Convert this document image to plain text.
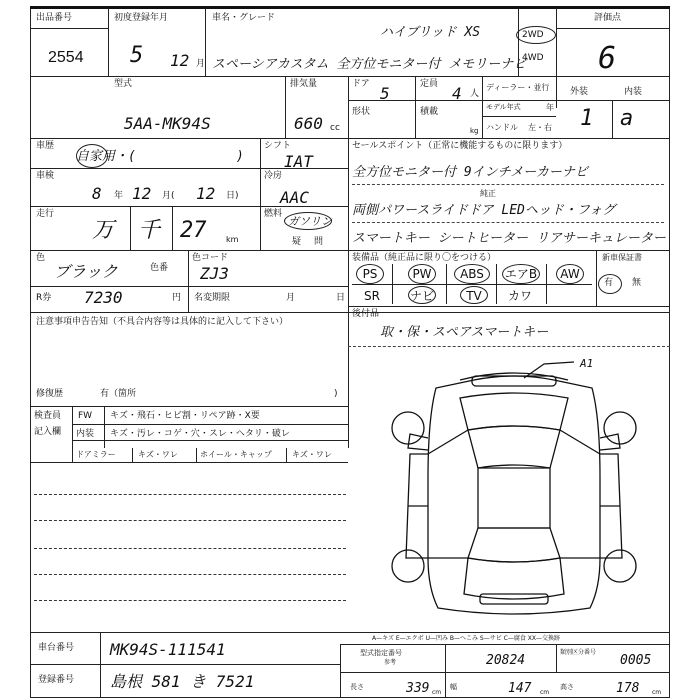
出品番号
2554
初度登録年月
5 12 月
車名・グレード
ハイブリッド XS
スペーシアカスタム 全方位モニター付 メモリーナビ
2WD
4WD
評価点
6
型式
5AA-MK94S
排気量
660 cc
ドア 5	定員 4 人
形状	積載
kg
ディーラー・並行
モデル年式	年
ハンドル 左・右
外装	内装
1 a
車歴
自家用・(	)
シフト
IAT
車検
8 年 12 月( 12 日)
冷房
AAC
走行
万 千 27 km
燃料
ガソリン
疑 問
色
ブラック	色番
色コード
ZJ3
R券 7230	円 名変期限	月	日
注意事項申告告知（不具合内容等は具体的に記入して下さい）
修復歴	有（箇所	)
検査員
記入欄
FW キズ・飛石・ヒビ割・リペア跡・X要
内装 キズ・汚レ・コゲ・穴・スレ・ヘタリ・破レ
ドアミラー	キズ・ワレ	ホイール・キャップ	キズ・ワレ
セールスポイント（正常に機能するものに限ります）
全方位モニター付 9インチメーカーナビ
純正
両側パワースライドドア LEDヘッド・フォグ
スマートキー シートヒーター リアサーキュレーター
装備品（純正品に限り〇をつける）	新車保証書
有 無
PS	PW	ABS	エアB	AW
SR	ナビ	TV	カワ
後付品
取・保・スペアスマートキー
A1
A—キズ E—エクボ U—凹み B—へこみ S—サビ C—腐食 XX—交換跡
車台番号 MK94S-111541
登録番号 島根 581 き 7521
型式指定番号
参考	20824
類別区分番号
0005
長さ	339 cm
幅	147 cm
高さ	178 cm
